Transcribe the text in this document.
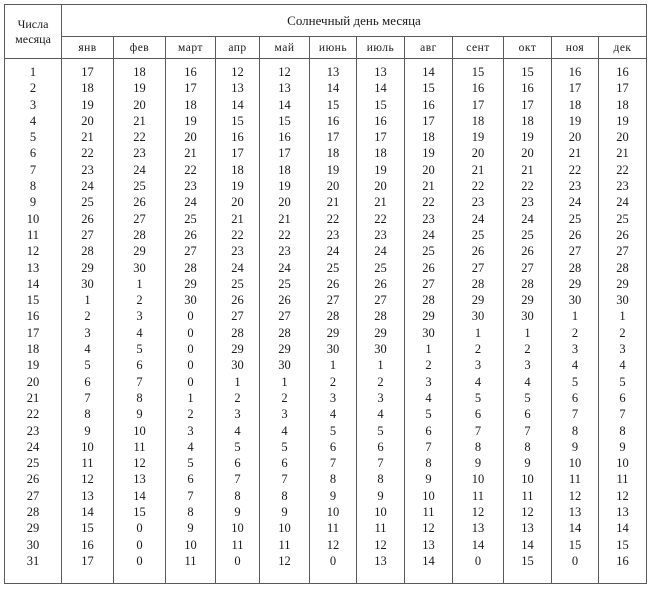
Числа
месяца	Солнечный день месяца											
	янв	фев	март	апр	май	июнь	июль	авг	сент	окт	ноя	дек
1	17	18	16	12	12	13	13	14	15	15	16	16
2	18	19	17	13	13	14	14	15	16	16	17	17
3	19	20	18	14	14	15	15	16	17	17	18	18
4	20	21	19	15	15	16	16	17	18	18	19	19
5	21	22	20	16	16	17	17	18	19	19	20	20
6	22	23	21	17	17	18	18	19	20	20	21	21
7	23	24	22	18	18	19	19	20	21	21	22	22
8	24	25	23	19	19	20	20	21	22	22	23	23
9	25	26	24	20	20	21	21	22	23	23	24	24
10	26	27	25	21	21	22	22	23	24	24	25	25
11	27	28	26	22	22	23	23	24	25	25	26	26
12	28	29	27	23	23	24	24	25	26	26	27	27
13	29	30	28	24	24	25	25	26	27	27	28	28
14	30	1	29	25	25	26	26	27	28	28	29	29
15	1	2	30	26	26	27	27	28	29	29	30	30
16	2	3	0	27	27	28	28	29	30	30	1	1
17	3	4	0	28	28	29	29	30	1	1	2	2
18	4	5	0	29	29	30	30	1	2	2	3	3
19	5	6	0	30	30	1	1	2	3	3	4	4
20	6	7	0	1	1	2	2	3	4	4	5	5
21	7	8	1	2	2	3	3	4	5	5	6	6
22	8	9	2	3	3	4	4	5	6	6	7	7
23	9	10	3	4	4	5	5	6	7	7	8	8
24	10	11	4	5	5	6	6	7	8	8	9	9
25	11	12	5	6	6	7	7	8	9	9	10	10
26	12	13	6	7	7	8	8	9	10	10	11	11
27	13	14	7	8	8	9	9	10	11	11	12	12
28	14	15	8	9	9	10	10	11	12	12	13	13
29	15	0	9	10	10	11	11	12	13	13	14	14
30	16	0	10	11	11	12	12	13	14	14	15	15
31	17	0	11	0	12	0	13	14	0	15	0	16
